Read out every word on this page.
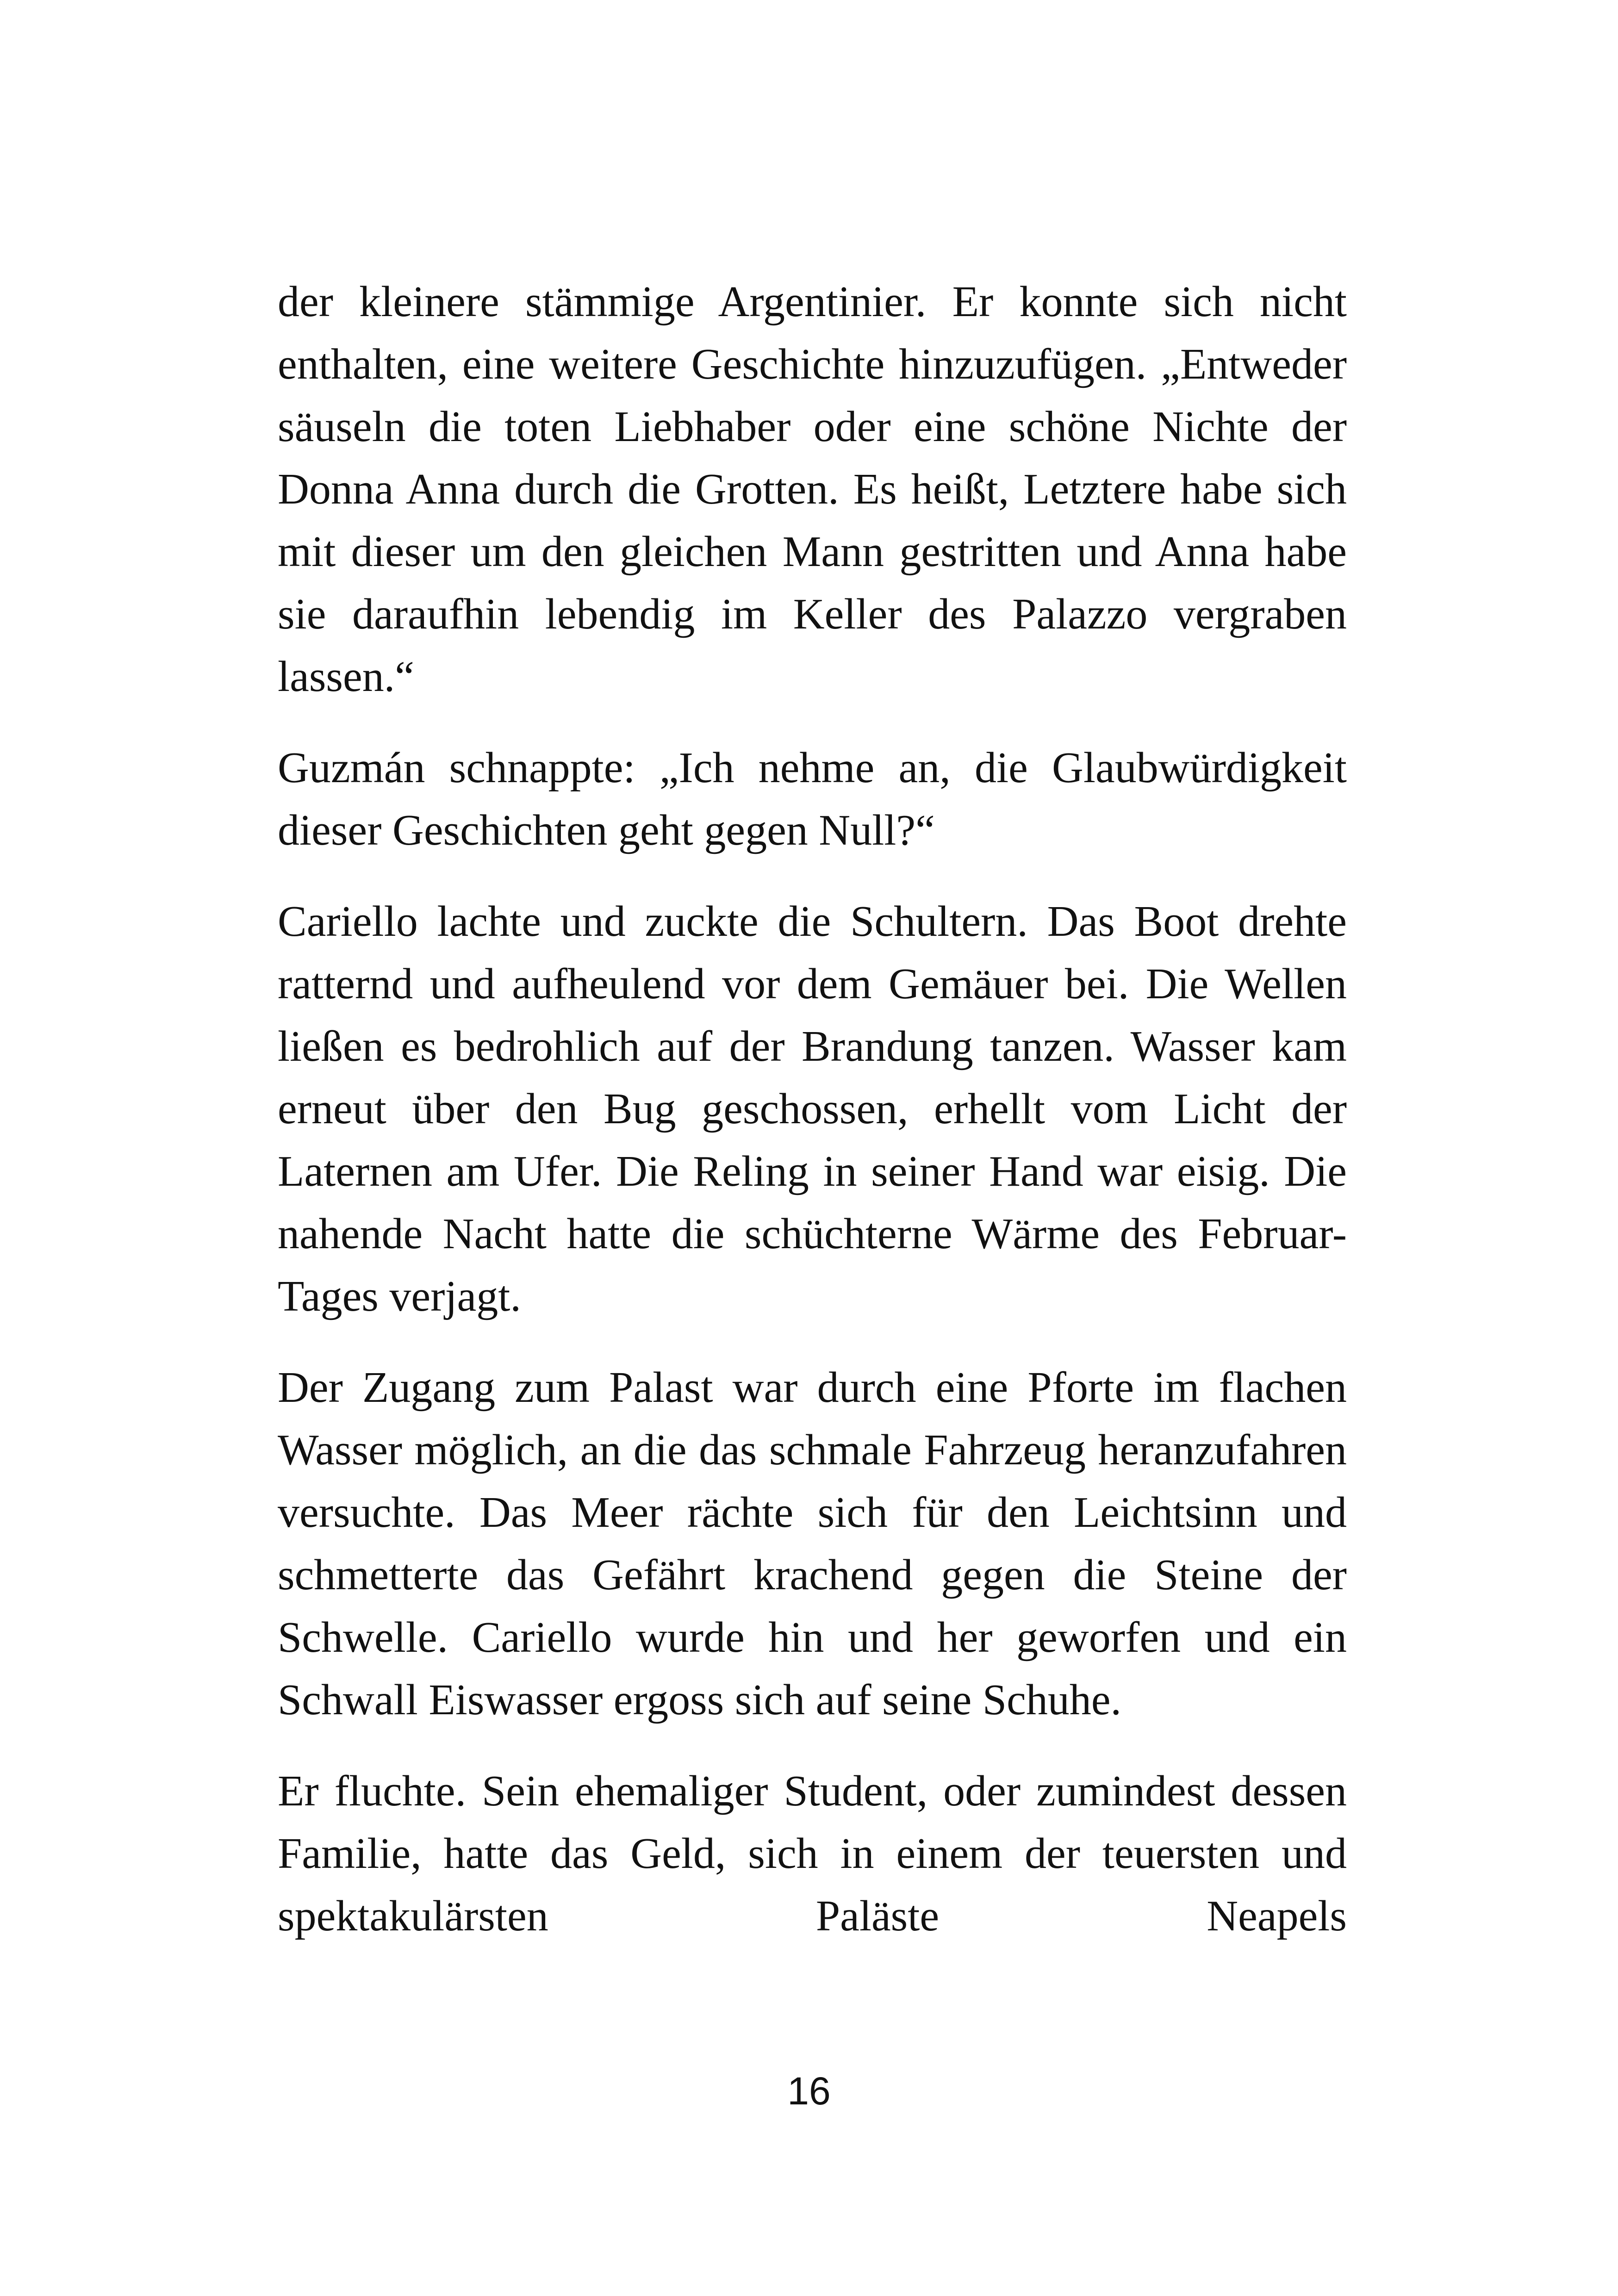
der kleinere stämmige Argentinier. Er konnte sich nicht enthalten, eine weitere Geschichte hinzuzufügen. „Entweder säuseln die toten Liebhaber oder eine schöne Nichte der Donna Anna durch die Grotten. Es heißt, Letztere habe sich mit dieser um den gleichen Mann gestritten und Anna habe sie daraufhin lebendig im Keller des Palazzo vergraben lassen.“

Guzmán schnappte: „Ich nehme an, die Glaubwürdigkeit dieser Geschichten geht gegen Null?“

Cariello lachte und zuckte die Schultern. Das Boot drehte ratternd und aufheulend vor dem Gemäuer bei. Die Wellen ließen es bedrohlich auf der Brandung tanzen. Wasser kam erneut über den Bug geschossen, erhellt vom Licht der Laternen am Ufer. Die Reling in seiner Hand war eisig. Die nahende Nacht hatte die schüchterne Wärme des Februar-Tages verjagt.

Der Zugang zum Palast war durch eine Pforte im flachen Wasser möglich, an die das schmale Fahrzeug heranzufahren versuchte. Das Meer rächte sich für den Leichtsinn und schmetterte das Gefährt krachend gegen die Steine der Schwelle. Cariello wurde hin und her geworfen und ein Schwall Eiswasser ergoss sich auf seine Schuhe.

Er fluchte. Sein ehemaliger Student, oder zumindest dessen Familie, hatte das Geld, sich in einem der teuersten und spektakulärsten Paläste Neapels

16
